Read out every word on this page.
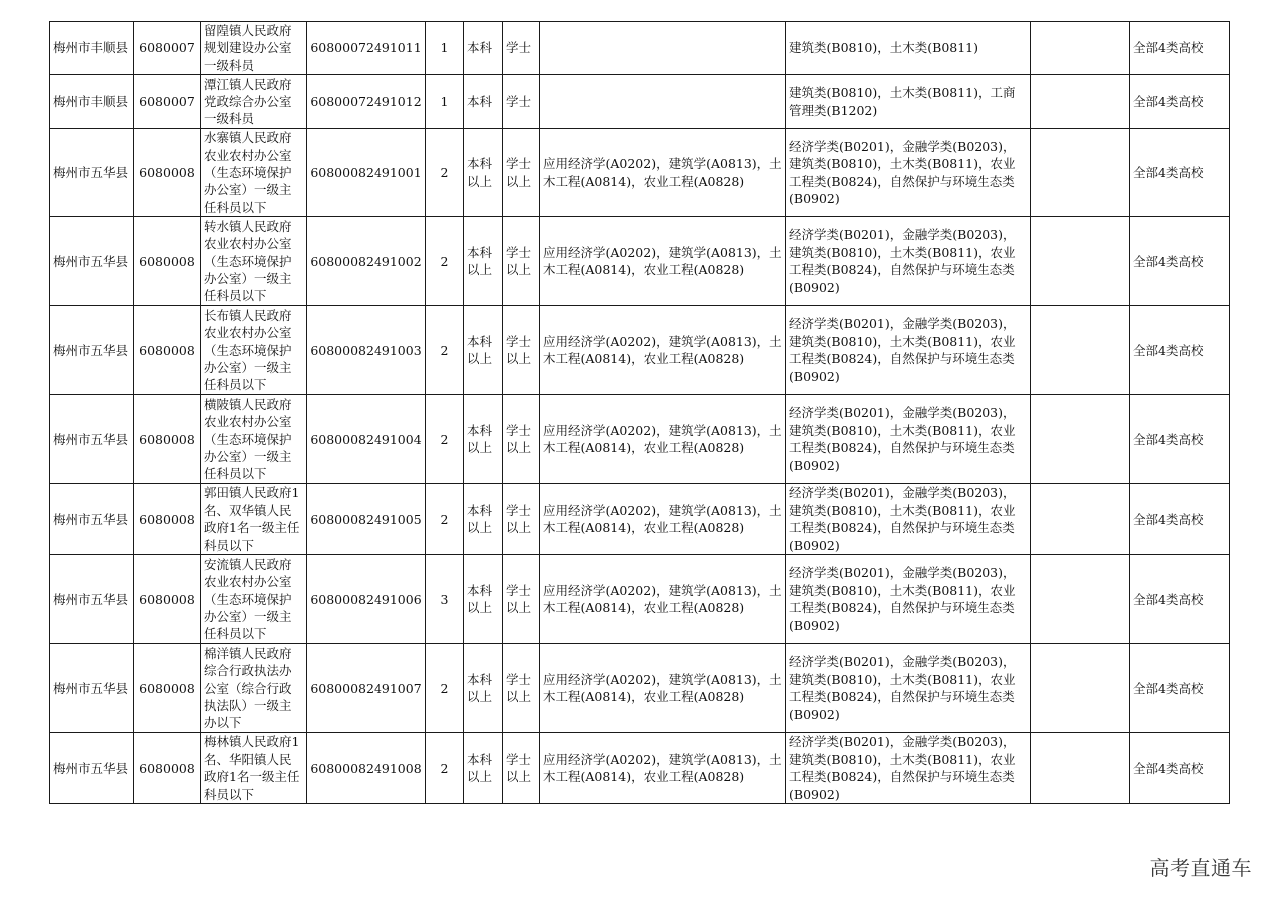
梅州市丰顺县	6080007	留隍镇人民政府规划建设办公室一级科员	60800072491011	1	本科	学士		建筑类(B0810)，土木类(B0811)		全部4类高校
梅州市丰顺县	6080007	潭江镇人民政府党政综合办公室一级科员	60800072491012	1	本科	学士		建筑类(B0810)，土木类(B0811)，工商管理类(B1202)		全部4类高校
梅州市五华县	6080008	水寨镇人民政府农业农村办公室（生态环境保护办公室）一级主任科员以下	60800082491001	2	本科以上	学士以上	应用经济学(A0202)，建筑学(A0813)，土木工程(A0814)，农业工程(A0828)	经济学类(B0201)，金融学类(B0203)，建筑类(B0810)，土木类(B0811)，农业工程类(B0824)，自然保护与环境生态类(B0902)		全部4类高校
梅州市五华县	6080008	转水镇人民政府农业农村办公室（生态环境保护办公室）一级主任科员以下	60800082491002	2	本科以上	学士以上	应用经济学(A0202)，建筑学(A0813)，土木工程(A0814)，农业工程(A0828)	经济学类(B0201)，金融学类(B0203)，建筑类(B0810)，土木类(B0811)，农业工程类(B0824)，自然保护与环境生态类(B0902)		全部4类高校
梅州市五华县	6080008	长布镇人民政府农业农村办公室（生态环境保护办公室）一级主任科员以下	60800082491003	2	本科以上	学士以上	应用经济学(A0202)，建筑学(A0813)，土木工程(A0814)，农业工程(A0828)	经济学类(B0201)，金融学类(B0203)，建筑类(B0810)，土木类(B0811)，农业工程类(B0824)，自然保护与环境生态类(B0902)		全部4类高校
梅州市五华县	6080008	横陂镇人民政府农业农村办公室（生态环境保护办公室）一级主任科员以下	60800082491004	2	本科以上	学士以上	应用经济学(A0202)，建筑学(A0813)，土木工程(A0814)，农业工程(A0828)	经济学类(B0201)，金融学类(B0203)，建筑类(B0810)，土木类(B0811)，农业工程类(B0824)，自然保护与环境生态类(B0902)		全部4类高校
梅州市五华县	6080008	郭田镇人民政府1名、双华镇人民政府1名一级主任科员以下	60800082491005	2	本科以上	学士以上	应用经济学(A0202)，建筑学(A0813)，土木工程(A0814)，农业工程(A0828)	经济学类(B0201)，金融学类(B0203)，建筑类(B0810)，土木类(B0811)，农业工程类(B0824)，自然保护与环境生态类(B0902)		全部4类高校
梅州市五华县	6080008	安流镇人民政府农业农村办公室（生态环境保护办公室）一级主任科员以下	60800082491006	3	本科以上	学士以上	应用经济学(A0202)，建筑学(A0813)，土木工程(A0814)，农业工程(A0828)	经济学类(B0201)，金融学类(B0203)，建筑类(B0810)，土木类(B0811)，农业工程类(B0824)，自然保护与环境生态类(B0902)		全部4类高校
梅州市五华县	6080008	棉洋镇人民政府综合行政执法办公室（综合行政执法队）一级主办以下	60800082491007	2	本科以上	学士以上	应用经济学(A0202)，建筑学(A0813)，土木工程(A0814)，农业工程(A0828)	经济学类(B0201)，金融学类(B0203)，建筑类(B0810)，土木类(B0811)，农业工程类(B0824)，自然保护与环境生态类(B0902)		全部4类高校
梅州市五华县	6080008	梅林镇人民政府1名、华阳镇人民政府1名一级主任科员以下	60800082491008	2	本科以上	学士以上	应用经济学(A0202)，建筑学(A0813)，土木工程(A0814)，农业工程(A0828)	经济学类(B0201)，金融学类(B0203)，建筑类(B0810)，土木类(B0811)，农业工程类(B0824)，自然保护与环境生态类(B0902)		全部4类高校
高考直通车
